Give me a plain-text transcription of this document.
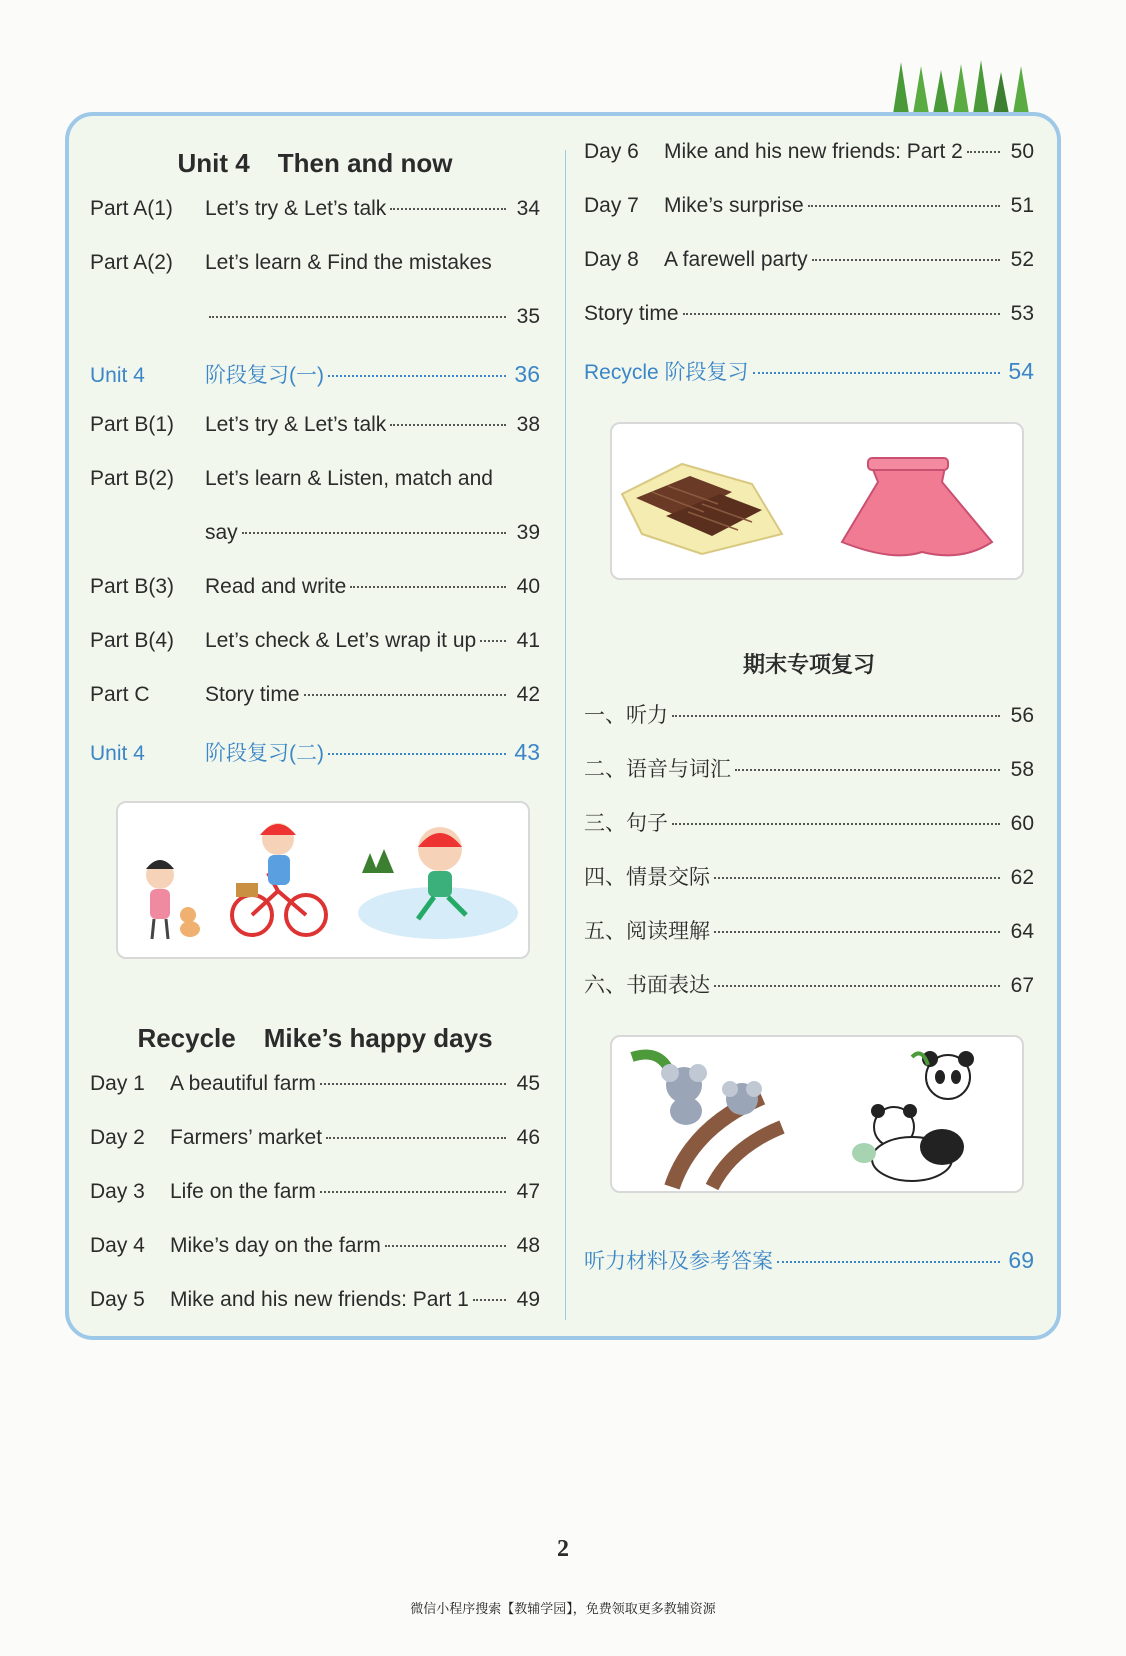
Unit 4 Then and now
Part A(1)	Let’s try & Let’s talk	34
Part A(2)	Let’s learn & Find the mistakes
35
Unit 4	阶段复习(一)	36
Part B(1)	Let’s try & Let’s talk	38
Part B(2)	Let’s learn & Listen, match and
say	39
Part B(3)	Read and write	40
Part B(4)	Let’s check & Let’s wrap it up 41
Part C	Story time	42
Unit 4	阶段复习(二)	43
Recycle Mike’s happy days
Day 1	A beautiful farm	45
Day 2	Farmers’ market	46
Day 3	Life on the farm	47
Day 4	Mike’s day on the farm	48
Day 5	Mike and his new friends: Part 1 49
Day 6	Mike and his new friends: Part 2 50
Day 7	Mike’s surprise	51
Day 8	A farewell party	52
Story time	53
Recycle 阶段复习	54
期末专项复习
一、听力	56
二、语音与词汇	58
三、句子	60
四、情景交际	62
五、阅读理解	64
六、书面表达	67
听力材料及参考答案	69
2
微信小程序搜索【教辅学园】，免费领取更多教辅资源
